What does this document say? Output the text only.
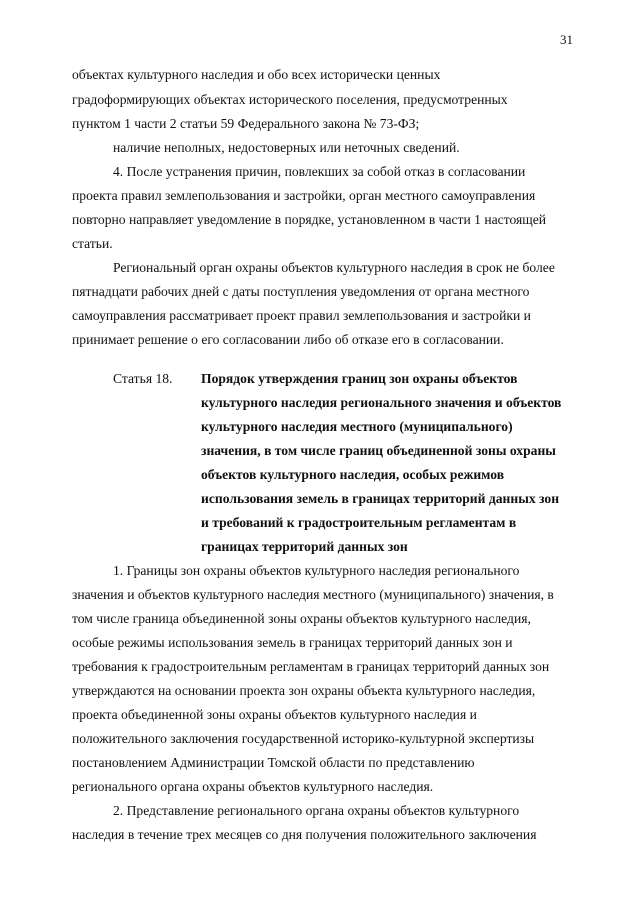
31
объектах культурного наследия и обо всех исторически ценных
градоформирующих объектах исторического поселения, предусмотренных
пунктом 1 части 2 статьи 59 Федерального закона № 73-ФЗ;
наличие неполных, недостоверных или неточных сведений.
4. После устранения причин, повлекших за собой отказ в согласовании
проекта правил землепользования и застройки, орган местного самоуправления
повторно направляет уведомление в порядке, установленном в части 1 настоящей
статьи.
Региональный орган охраны объектов культурного наследия в срок не более
пятнадцати рабочих дней с даты поступления уведомления от органа местного
самоуправления рассматривает проект правил землепользования и застройки и
принимает решение о его согласовании либо об отказе его в согласовании.
Статья 18. Порядок утверждения границ зон охраны объектов
культурного наследия регионального значения и объектов
культурного наследия местного (муниципального)
значения, в том числе границ объединенной зоны охраны
объектов культурного наследия, особых режимов
использования земель в границах территорий данных зон
и требований к градостроительным регламентам в
границах территорий данных зон
1. Границы зон охраны объектов культурного наследия регионального
значения и объектов культурного наследия местного (муниципального) значения, в
том числе граница объединенной зоны охраны объектов культурного наследия,
особые режимы использования земель в границах территорий данных зон и
требования к градостроительным регламентам в границах территорий данных зон
утверждаются на основании проекта зон охраны объекта культурного наследия,
проекта объединенной зоны охраны объектов культурного наследия и
положительного заключения государственной историко-культурной экспертизы
постановлением Администрации Томской области по представлению
регионального органа охраны объектов культурного наследия.
2. Представление регионального органа охраны объектов культурного
наследия в течение трех месяцев со дня получения положительного заключения
